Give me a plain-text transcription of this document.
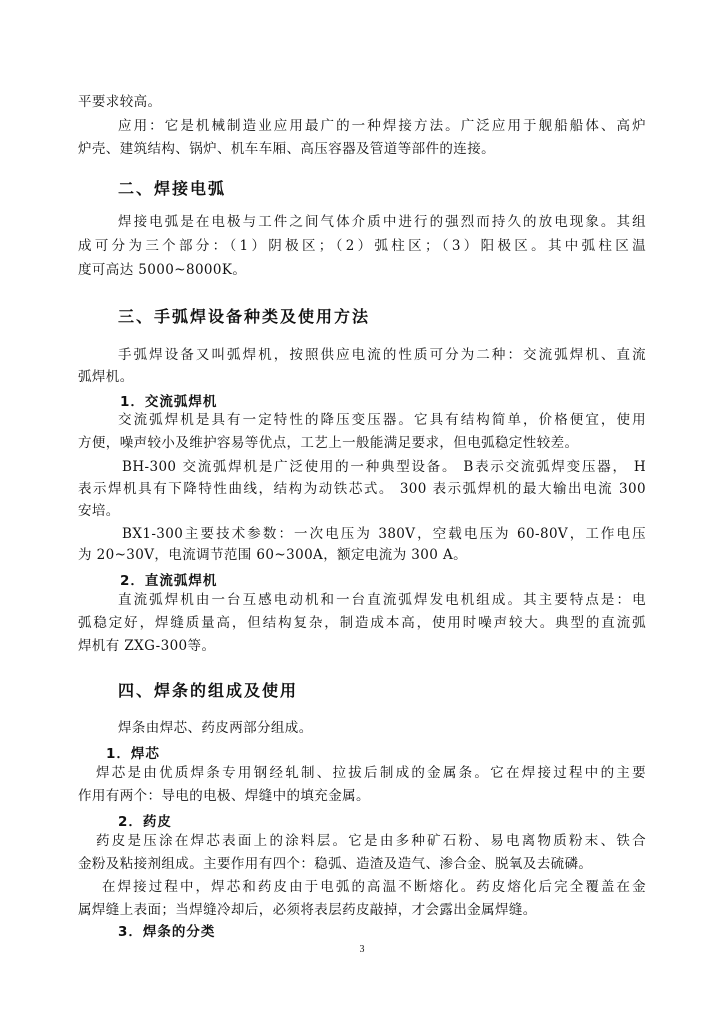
平要求较高。
应用：它是机械制造业应用最广的一种焊接方法。广泛应用于舰船船体、高炉
炉壳、建筑结构、锅炉、机车车厢、高压容器及管道等部件的连接。
二、焊接电弧
焊接电弧是在电极与工件之间气体介质中进行的强烈而持久的放电现象。其组
成可分为三个部分：（1）阴极区；（2）弧柱区；（3）阳极区。其中弧柱区温
度可高达 5000~8000K。
三、手弧焊设备种类及使用方法
手弧焊设备又叫弧焊机，按照供应电流的性质可分为二种：交流弧焊机、直流
弧焊机。
1．交流弧焊机
交流弧焊机是具有一定特性的降压变压器。它具有结构简单，价格便宜，使用
方便，噪声较小及维护容易等优点，工艺上一般能满足要求，但电弧稳定性较差。
BH-300 交流弧焊机是广泛使用的一种典型设备。 B表示交流弧焊变压器， H
表示焊机具有下降特性曲线，结构为动铁芯式。 300 表示弧焊机的最大输出电流 300
安培。
BX1-300主要技术参数：一次电压为 380V，空载电压为 60-80V，工作电压
为 20~30V，电流调节范围 60~300A，额定电流为 300 A。
2．直流弧焊机
直流弧焊机由一台互感电动机和一台直流弧焊发电机组成。其主要特点是：电
弧稳定好，焊缝质量高，但结构复杂，制造成本高，使用时噪声较大。典型的直流弧
焊机有 ZXG-300等。
四、焊条的组成及使用
焊条由焊芯、药皮两部分组成。
1．焊芯
焊芯是由优质焊条专用钢经轧制、拉拔后制成的金属条。它在焊接过程中的主要
作用有两个：导电的电极、焊缝中的填充金属。
2．药皮
药皮是压涂在焊芯表面上的涂料层。它是由多种矿石粉、易电离物质粉末、铁合
金粉及粘接剂组成。主要作用有四个：稳弧、造渣及造气、渗合金、脱氧及去硫磷。
在焊接过程中，焊芯和药皮由于电弧的高温不断熔化。药皮熔化后完全覆盖在金
属焊缝上表面；当焊缝冷却后，必须将表层药皮敲掉，才会露出金属焊缝。
3．焊条的分类
3
